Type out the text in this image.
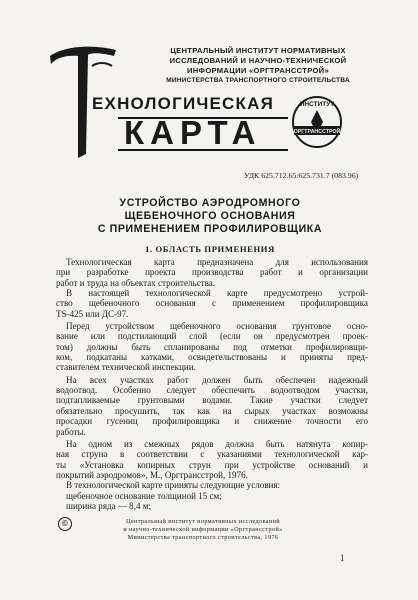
ЦЕНТРАЛЬНЫЙ ИНСТИТУТ НОРМАТИВНЫХ
ИССЛЕДОВАНИЙ И НАУЧНО-ТЕХНИЧЕСКОЙ
ИНФОРМАЦИИ «ОРГТРАНССТРОЙ»
МИНИСТЕРСТВА ТРАНСПОРТНОГО СТРОИТЕЛЬСТВА
ЕХНОЛОГИЧЕСКАЯ
КАРТА
ИНСТИТУТ
ОРГТРАНССТРОЙ
УДК 625.712.65:625.731.7 (083.96)
УСТРОЙСТВО АЭРОДРОМНОГО
ЩЕБЕНОЧНОГО ОСНОВАНИЯ
С ПРИМЕНЕНИЕМ ПРОФИЛИРОВЩИКА
1. ОБЛАСТЬ ПРИМЕНЕНИЯ
Технологическая карта предназначена для использования
при разработке проекта производства работ и организации
работ и труда на объектах строительства.
В настоящей технологической карте предусмотрено устрой-
ство щебеночного основания с применением профилировщика
TS-425 или ДС-97.
Перед устройством щебеночного основания грунтовое осно-
вание или подстилающий слой (если он предусмотрен проек-
том) должны быть спланированы под отметки профилировщи-
ком, подкатаны катками, освидетельствованы и приняты пред-
ставителем технической инспекции.
На всех участках работ должен быть обеспечен надежный
водоотвод. Особенно следует обеспечить водоотводом участки,
подтапливаемые грунтовыми водами. Такие участки следует
обязательно просушить, так как на сырых участках возможны
просадки гусениц профилировщика и снижение точности его
работы.
На одном из смежных рядов должна быть натянута копир-
ная струна в соответствии с указаниями технологической кар-
ты «Установка копирных струн при устройстве оснований и
покрытий аэродромов», М., Оргтрансстрой, 1976.
В технологической карте приняты следующие условия:
щебеночное основание толщиной 15 см;
ширина ряда — 8,4 м;
©	Центральный институт нормативных исследований
и научно-технической информации «Оргтрансстрой»
Министерства транспортного строительства, 1976
1
